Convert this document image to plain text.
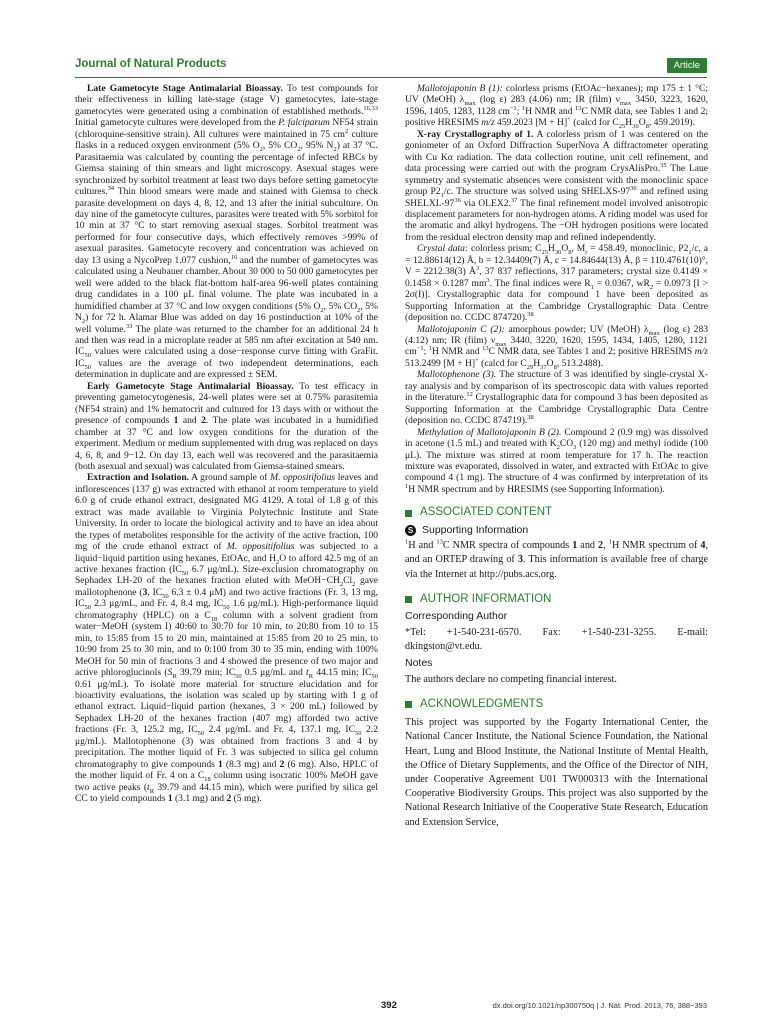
Journal of Natural Products	Article

Late Gametocyte Stage Antimalarial Bioassay. To test compounds for their effectiveness in killing late-stage (stage V) gametocytes, late-stage gametocytes were generated using a combination of established methods.$^{16,33}$ Initial gametocyte cultures were developed from the P. falciparum NF54 strain (chloroquine-sensitive strain). All cultures were maintained in 75 $cm^2$ culture flasks in a reduced oxygen environment (5% $O_2$, 5% $CO_2$, 95% $N_2$) at 37 °C. Parasitaemia was calculated by counting the percentage of infected RBCs by Giemsa staining of thin smears and light microscopy. Asexual stages were synchronized by sorbitol treatment at least two days before setting gametocyte cultures.$^{34}$ Thin blood smears were made and stained with Giemsa to check parasite development on days 4, 8, 12, and 13 after the initial subculture. On day nine of the gametocyte cultures, parasites were treated with 5% sorbitol for 10 min at 37 °C to start removing asexual stages. Sorbitol treatment was performed for four consecutive days, which effectively removes >99% of asexual parasites. Gametocyte recovery and concentration was achieved on day 13 using a NycoPrep 1.077 cushion,$^{16}$ and the number of gametocytes was calculated using a Neubauer chamber. About 30 000 to 50 000 gametocytes per well were added to the black flat-bottom half-area 96-well plates containing drug candidates in a 100 μL final volume. The plate was incubated in a humidified chamber at 37 °C and low oxygen conditions (5% $O_2$, 5% $CO_2$, 5% $N_2$) for 72 h. Alamar Blue was added on day 16 postinduction at 10% of the well volume.$^{33}$ The plate was returned to the chamber for an additional 24 h and then was read in a microplate reader at 585 nm after excitation at 540 nm. $IC_{50}$ values were calculated using a dose−response curve fitting with GraFit. $IC_{50}$ values are the average of two independent determinations, each determination in duplicate and are expressed ± SEM.

Early Gametocyte Stage Antimalarial Bioassay. To test efficacy in preventing gametocytogenesis, 24-well plates were set at 0.75% parasitemia (NF54 strain) and 1% hematocrit and cultured for 13 days with or without the presence of compounds 1 and 2. The plate was incubated in a humidified chamber at 37 °C and low oxygen conditions for the duration of the experiment. Medium or medium supplemented with drug was replaced on days 4, 6, 8, and 9−12. On day 13, each well was recovered and the parasitaemia (both asexual and sexual) was calculated from Giemsa-stained smears.

Extraction and Isolation. A ground sample of M. oppositifolius leaves and inflorescences (137 g) was extracted with ethanol at room temperature to yield 6.0 g of crude ethanol extract, designated MG 4129. A total of 1.8 g of this extract was made available to Virginia Polytechnic Institute and State University. In order to locate the biological activity and to have an idea about the types of metabolites responsible for the activity of the active fraction, 100 mg of the crude ethanol extract of M. oppositifolius was subjected to a liquid−liquid partition using hexanes, EtOAc, and $H_2O$ to afford 42.5 mg of an active hexanes fraction ($IC_{50}$ 6.7 μg/mL). Size-exclusion chromatography on Sephadex LH-20 of the hexanes fraction eluted with $MeOH-CH_2Cl_2$ gave mallotophenone (3, $IC_{50}$ 6.3 ± 0.4 μM) and two active fractions (Fr. 3, 13 mg, $IC_{50}$ 2.3 μg/mL, and Fr. 4, 8.4 mg, $IC_{50}$ 1.6 μg/mL). High-performance liquid chromatography (HPLC) on a $C_{18}$ column with a solvent gradient from water−MeOH (system I) 40:60 to 30:70 for 10 min, to 20:80 from 10 to 15 min, to 15:85 from 15 to 20 min, maintained at 15:85 from 20 to 25 min, to 10:90 from 25 to 30 min, and to 0:100 from 30 to 35 min, ending with 100% MeOH for 50 min of fractions 3 and 4 showed the presence of two major and active phloroglucinols ($S_R$ 39.79 min; $IC_{50}$ 0.5 μg/mL and $t_R$ 44.15 min; $IC_{50}$ 0.61 μg/mL). To isolate more material for structure elucidation and for bioactivity evaluations, the isolation was scaled up by starting with 1 g of ethanol extract. Liquid−liquid partion (hexanes, 3 × 200 mL) followed by Sephadex LH-20 of the hexanes fraction (407 mg) afforded two active fractions (Fr. 3, 125.2 mg, $IC_{50}$ 2.4 μg/mL and Fr. 4, 137.1 mg, $IC_{50}$ 2.2 μg/mL). Mallotophenone (3) was obtained from fractions 3 and 4 by precipitation. The mother liquid of Fr. 3 was subjected to silica gel column chromatography to give compounds 1 (8.3 mg) and 2 (6 mg). Also, HPLC of the mother liquid of Fr. 4 on a $C_{18}$ column using isocratic 100% MeOH gave two active peaks ($t_R$ 39.79 and 44.15 min), which were purified by silica gel CC to yield compounds 1 (3.1 mg) and 2 (5 mg).

Mallotojaponin B (1): colorless prisms (EtOAc−hexanes); mp 175 ± 1 °C; UV (MeOH) $\lambda_{max}$ (log ε) 283 (4.06) nm; IR (film) $\nu_{max}$ 3450, 3223, 1620, 1596, 1405, 1283, 1128 $cm^{-1}$; $^1$H NMR and $^{13}$C NMR data, see Tables 1 and 2; positive HRESIMS m/z 459.2023 [M + H]+ (calcd for $C_{25}H_{30}O_8$, 459.2019).

X-ray Crystallography of 1. A colorless prism of 1 was centered on the goniometer of an Oxford Diffraction SuperNova A diffractometer operating with Cu Kα radiation. The data collection routine, unit cell refinement, and data processing were carried out with the program CrysAlisPro.$^{35}$ The Laue symmetry and systematic absences were consistent with the monoclinic space group $P2_1/c$. The structure was solved using SHELXS-$97^{36}$ and refined using SHELXL-$97^{36}$ via OLEX2.37 The final refinement model involved anisotropic displacement parameters for non-hydrogen atoms. A riding model was used for the aromatic and alkyl hydrogens. The −OH hydrogen positions were located from the residual electron density map and refined independently.

Crystal data: colorless prism; $C_{25}H_{30}O_8$, $M_r = 458.49$, monoclinic, $P2_1/c$, a = 12.88614(12) Å, b = 12.34409(7) Å, c = 14.84644(13) Å, β = 110.4761(10)°, V = 2212.38(3) $Å^3$, 37 837 reflections, 317 parameters; crystal size 0.4149 × 0.1458 × 0.1287 $mm^3$. The final indices were $R_1 = 0.0367$, $wR_2 = 0.0973$ [I > 2σ(I)]. Crystallographic data for compound 1 have been deposited as Supporting Information at the Cambridge Crystallographic Data Centre (deposition no. CCDC 874720).$^{38}$

Mallotojaponin C (2): amorphous powder; UV (MeOH) $\lambda_{max}$ (log ε) 283 (4.12) nm; IR (film) $\nu_{max}$ 3440, 3220, 1620, 1595, 1434, 1405, 1280, 1121 $cm^{-1}$; $^1$H NMR and $^{13}$C NMR data, see Tables 1 and 2; positive HRESIMS m/z 513.2499 [M + H]+ (calcd for $C_{29}H_{37}O_8$, 513.2488).

Mallotophenone (3). The structure of 3 was identified by single-crystal X-ray analysis and by comparison of its spectroscopic data with values reported in the literature.$^{12}$ Crystallographic data for compound 3 has been deposited as Supporting Information at the Cambridge Crystallographic Data Centre (deposition no. CCDC 874719).$^{38}$

Methylation of Mallotojaponin B (2). Compound 2 (0.9 mg) was dissolved in acetone (1.5 mL) and treated with $K_2CO_3$ (120 mg) and methyl iodide (100 μL). The mixture was stirred at room temperature for 17 h. The reaction mixture was evaporated, dissolved in water, and extracted with EtOAc to give compound 4 (1 mg). The structure of 4 was confirmed by interpretation of its $^1$H NMR spectrum and by HRESIMS (see Supporting Information).

ASSOCIATED CONTENT
S Supporting Information

$^1$H and $^{13}$C NMR spectra of compounds 1 and 2, $^1$H NMR spectrum of 4, and an ORTEP drawing of 3. This information is available free of charge via the Internet at http://pubs.acs.org.

AUTHOR INFORMATION
Corresponding Author

*Tel: +1-540-231-6570. Fax: +1-540-231-3255. E-mail: dkingston@vt.edu.

Notes

The authors declare no competing financial interest.

ACKNOWLEDGMENTS

This project was supported by the Fogarty International Center, the National Cancer Institute, the National Science Foundation, the National Heart, Lung and Blood Institute, the National Institute of Mental Health, the Office of Dietary Supplements, and the Office of the Director of NIH, under Cooperative Agreement U01 TW000313 with the International Cooperative Biodiversity Groups. This project was also supported by the National Research Initiative of the Cooperative State Research, Education and Extension Service,

392	dx.doi.org/10.1021/np300750q | J. Nat. Prod. 2013, 76, 388−393
